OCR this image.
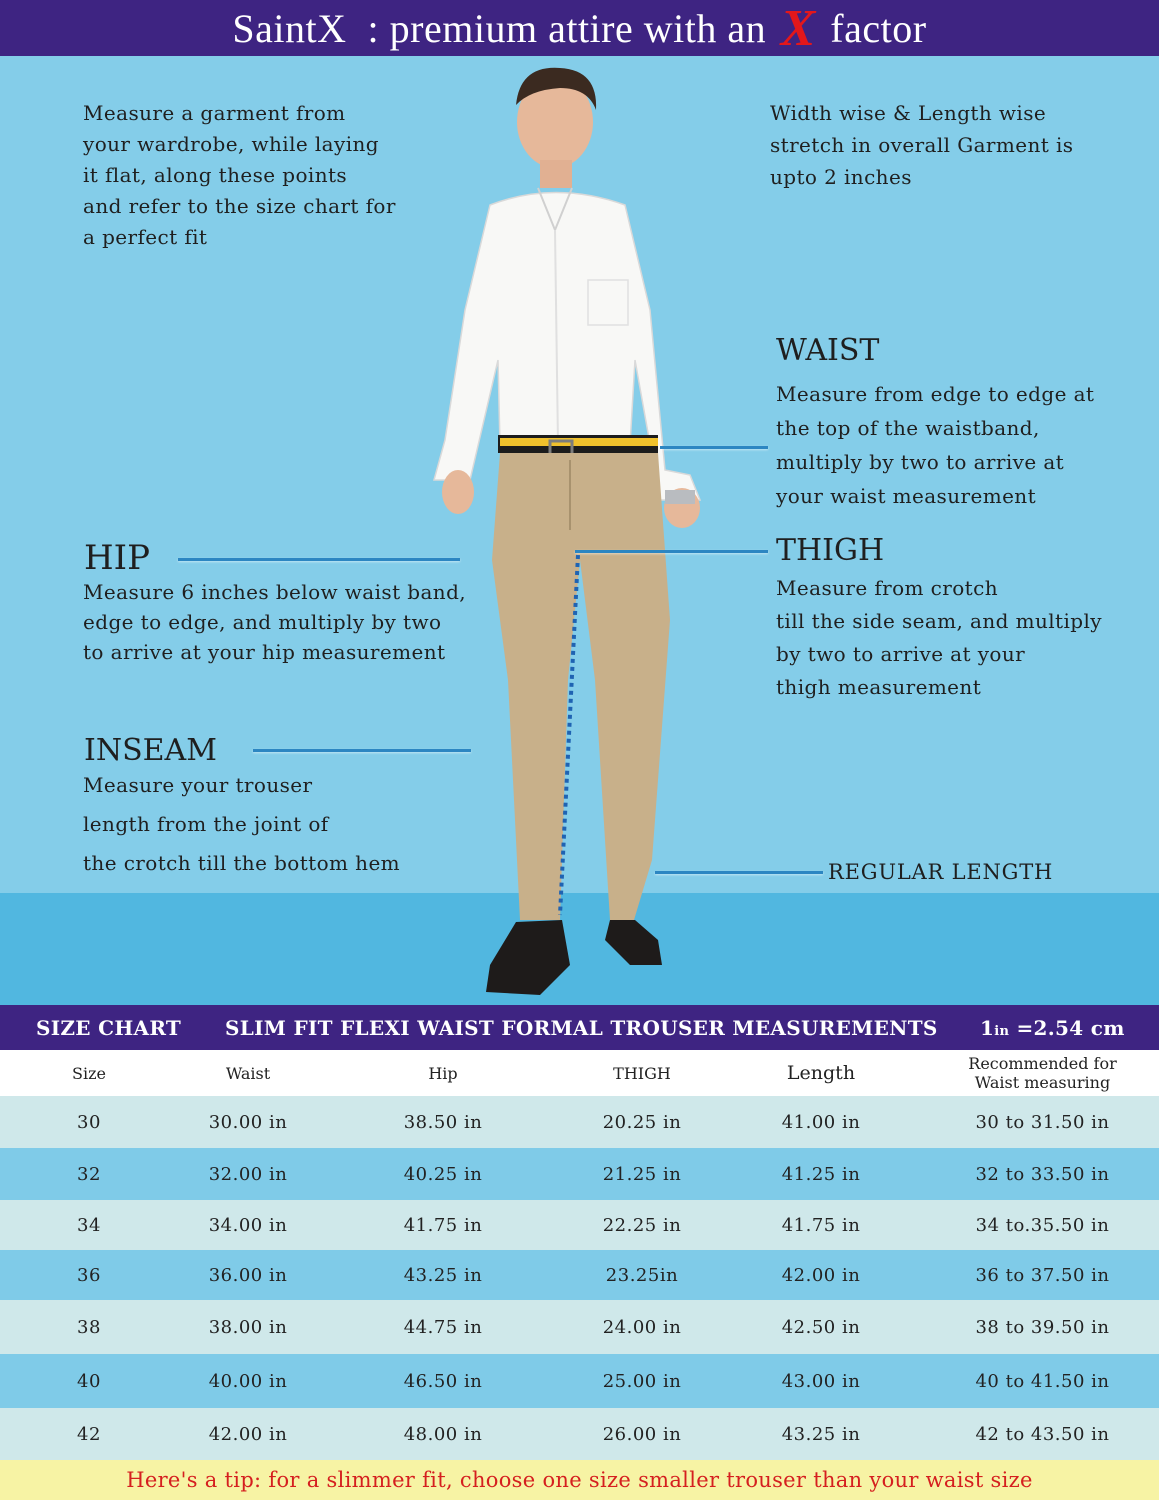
SaintX : premium attire with an X factor
Measure a garment from
your wardrobe, while laying
it flat, along these points
and refer to the size chart for
a perfect fit
Width wise & Length wise
stretch in overall Garment is
upto 2 inches
WAIST
Measure from edge to edge at
the top of the waistband,
multiply by two to arrive at
your waist measurement
HIP
Measure 6 inches below waist band,
edge to edge, and multiply by two
to arrive at your hip measurement
THIGH
Measure from crotch
till the side seam, and multiply
by two to arrive at your
thigh measurement
INSEAM
Measure your trouser
length from the joint of
the crotch till the bottom hem	REGULAR LENGTH
SIZE CHART SLIM FIT FLEXI WAIST FORMAL TROUSER MEASUREMENTS 1in =2.54 cm
Size	Waist	Hip	THIGH	Length	Recommended for
Waist measuring

30	30.00 in	38.50 in	20.25 in	41.00 in	30 to 31.50 in
32	32.00 in	40.25 in	21.25 in	41.25 in	32 to 33.50 in
34	34.00 in	41.75 in	22.25 in	41.75 in	34 to.35.50 in
36	36.00 in	43.25 in	23.25in	42.00 in	36 to 37.50 in
38	38.00 in	44.75 in	24.00 in	42.50 in	38 to 39.50 in
40	40.00 in	46.50 in	25.00 in	43.00 in	40 to 41.50 in
42	42.00 in	48.00 in	26.00 in	43.25 in	42 to 43.50 in
Here's a tip: for a slimmer fit, choose one size smaller trouser than your waist size
